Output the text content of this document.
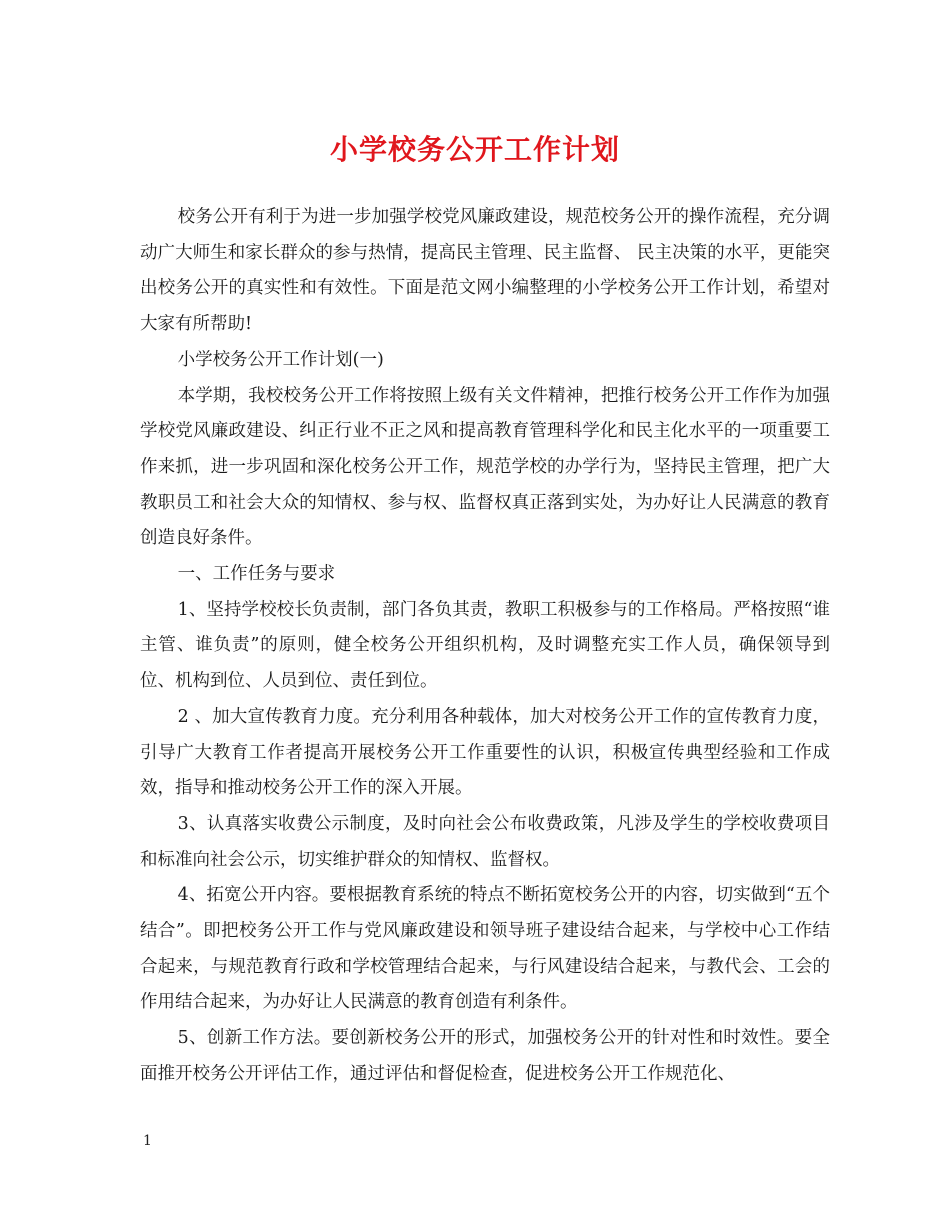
小学校务公开工作计划

校务公开有利于为进一步加强学校党风廉政建设，规范校务公开的操作流程，充分调动广大师生和家长群众的参与热情，提高民主管理、民主监督、 民主决策的水平，更能突出校务公开的真实性和有效性。下面是范文网小编整理的小学校务公开工作计划，希望对大家有所帮助!

小学校务公开工作计划(一)

本学期，我校校务公开工作将按照上级有关文件精神，把推行校务公开工作作为加强学校党风廉政建设、纠正行业不正之风和提高教育管理科学化和民主化水平的一项重要工作来抓，进一步巩固和深化校务公开工作，规范学校的办学行为，坚持民主管理，把广大教职员工和社会大众的知情权、参与权、监督权真正落到实处，为办好让人民满意的教育创造良好条件。

一、工作任务与要求

1、坚持学校校长负责制，部门各负其责，教职工积极参与的工作格局。严格按照“谁主管、谁负责”的原则，健全校务公开组织机构，及时调整充实工作人员，确保领导到位、机构到位、人员到位、责任到位。

2 、加大宣传教育力度。充分利用各种载体，加大对校务公开工作的宣传教育力度，引导广大教育工作者提高开展校务公开工作重要性的认识，积极宣传典型经验和工作成效，指导和推动校务公开工作的深入开展。

3、认真落实收费公示制度，及时向社会公布收费政策，凡涉及学生的学校收费项目和标准向社会公示，切实维护群众的知情权、监督权。

4、拓宽公开内容。要根据教育系统的特点不断拓宽校务公开的内容，切实做到“五个结合”。即把校务公开工作与党风廉政建设和领导班子建设结合起来，与学校中心工作结合起来，与规范教育行政和学校管理结合起来，与行风建设结合起来，与教代会、工会的作用结合起来，为办好让人民满意的教育创造有利条件。

5、创新工作方法。要创新校务公开的形式，加强校务公开的针对性和时效性。要全面推开校务公开评估工作，通过评估和督促检查，促进校务公开工作规范化、

1
